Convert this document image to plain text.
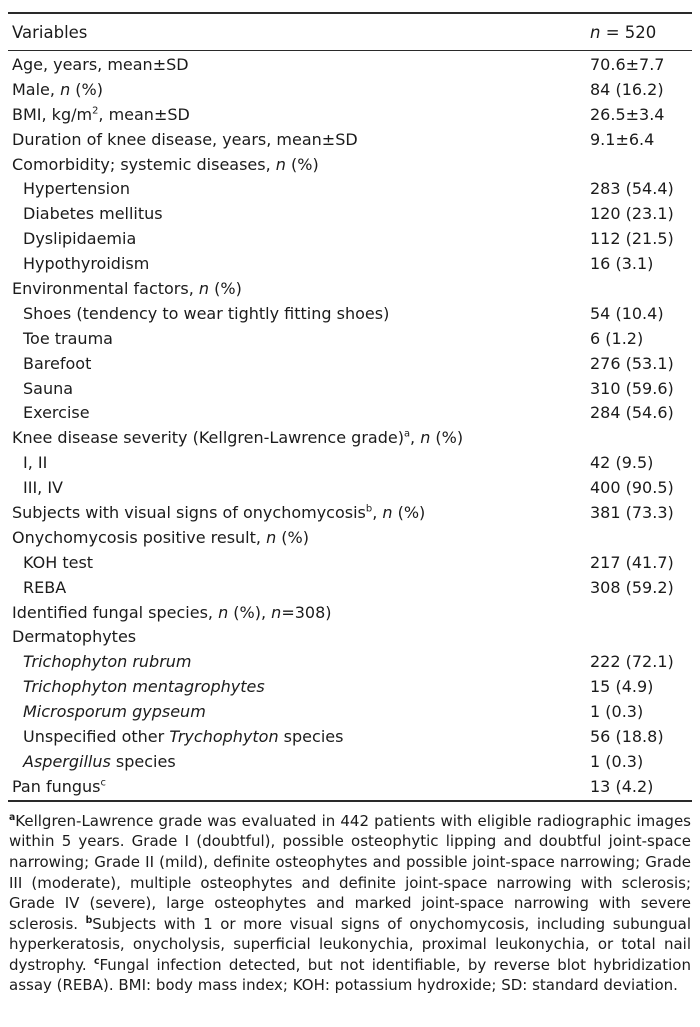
Variables	n = 520
Age, years, mean±SD	70.6±7.7
Male, n (%)	84 (16.2)
BMI, $kg/m^2$, mean±SD	26.5±3.4
Duration of knee disease, years, mean±SD	9.1±6.4
Comorbidity; systemic diseases, n (%)
Hypertension	283 (54.4)
Diabetes mellitus	120 (23.1)
Dyslipidaemia	112 (21.5)
Hypothyroidism	16 (3.1)
Environmental factors, n (%)
Shoes (tendency to wear tightly fitting shoes)	54 (10.4)
Toe trauma	6 (1.2)
Barefoot	276 (53.1)
Sauna	310 (59.6)
Exercise	284 (54.6)
Knee disease severity (Kellgren-Lawrence grade)$^a$, n (%)
I, II	42 (9.5)
III, IV	400 (90.5)
Subjects with visual signs of onychomycosis$^b$, n (%)	381 (73.3)
Onychomycosis positive result, n (%)
KOH test	217 (41.7)
REBA	308 (59.2)
Identified fungal species, n (%), n=308)
Dermatophytes
Trichophyton rubrum	222 (72.1)
Trichophyton mentagrophytes	15 (4.9)
Microsporum gypseum	1 (0.3)
Unspecified other Trychophyton species	56 (18.8)
Aspergillus species	1 (0.3)
Pan fungus$^c$	13 (4.2)
$^a$Kellgren-Lawrence grade was evaluated in 442 patients with eligible radiographic images within 5 years. Grade I (doubtful), possible osteophytic lipping and doubtful joint-space narrowing; Grade II (mild), definite osteophytes and possible joint-space narrowing; Grade III (moderate), multiple osteophytes and definite joint-space narrowing with sclerosis; Grade IV (severe), large osteophytes and marked joint-space narrowing with severe sclerosis. $^b$Subjects with 1 or more visual signs of onychomycosis, including subungual hyperkeratosis, onycholysis, superficial leukonychia, proximal leukonychia, or total nail dystrophy. $^c$Fungal infection detected, but not identifiable, by reverse blot hybridization assay (REBA). BMI: body mass index; KOH: potassium hydroxide; SD: standard deviation.
